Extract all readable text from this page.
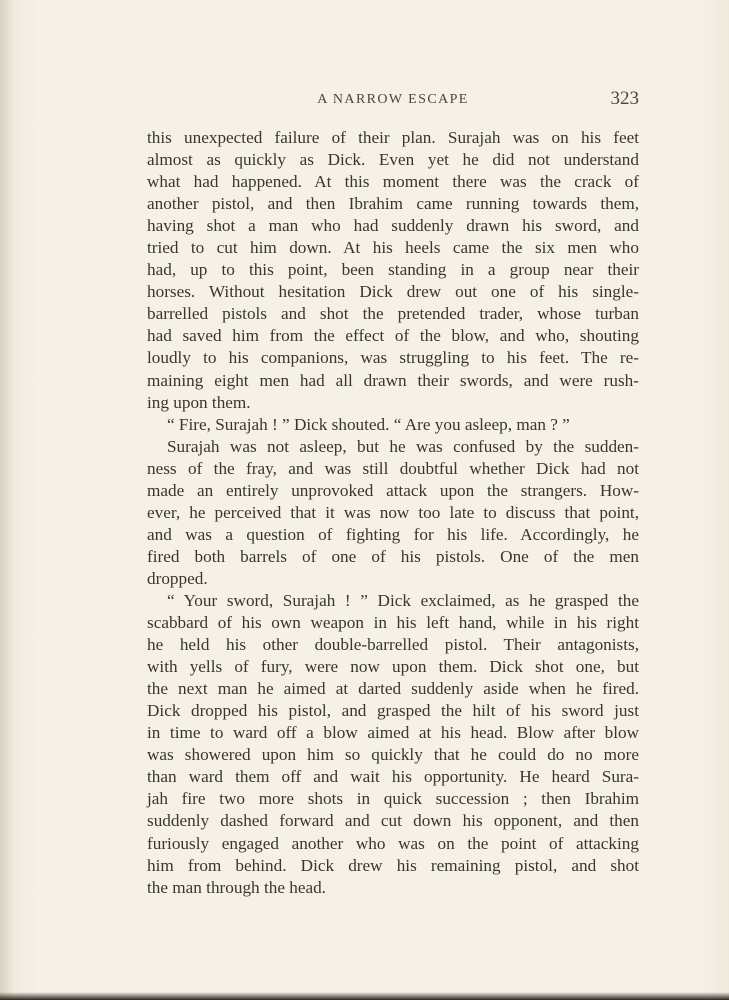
A NARROW ESCAPE	323
this unexpected failure of their plan. Surajah was on his feet
almost as quickly as Dick. Even yet he did not understand
what had happened. At this moment there was the crack of
another pistol, and then Ibrahim came running towards them,
having shot a man who had suddenly drawn his sword, and
tried to cut him down. At his heels came the six men who
had, up to this point, been standing in a group near their
horses. Without hesitation Dick drew out one of his single-
barrelled pistols and shot the pretended trader, whose turban
had saved him from the effect of the blow, and who, shouting
loudly to his companions, was struggling to his feet. The re-
maining eight men had all drawn their swords, and were rush-
ing upon them.
“ Fire, Surajah ! ” Dick shouted. “ Are you asleep, man ? ”
Surajah was not asleep, but he was confused by the sudden-
ness of the fray, and was still doubtful whether Dick had not
made an entirely unprovoked attack upon the strangers. How-
ever, he perceived that it was now too late to discuss that point,
and was a question of fighting for his life. Accordingly, he
fired both barrels of one of his pistols. One of the men
dropped.
“ Your sword, Surajah ! ” Dick exclaimed, as he grasped the
scabbard of his own weapon in his left hand, while in his right
he held his other double-barrelled pistol. Their antagonists,
with yells of fury, were now upon them. Dick shot one, but
the next man he aimed at darted suddenly aside when he fired.
Dick dropped his pistol, and grasped the hilt of his sword just
in time to ward off a blow aimed at his head. Blow after blow
was showered upon him so quickly that he could do no more
than ward them off and wait his opportunity. He heard Sura-
jah fire two more shots in quick succession ; then Ibrahim
suddenly dashed forward and cut down his opponent, and then
furiously engaged another who was on the point of attacking
him from behind. Dick drew his remaining pistol, and shot
the man through the head.
